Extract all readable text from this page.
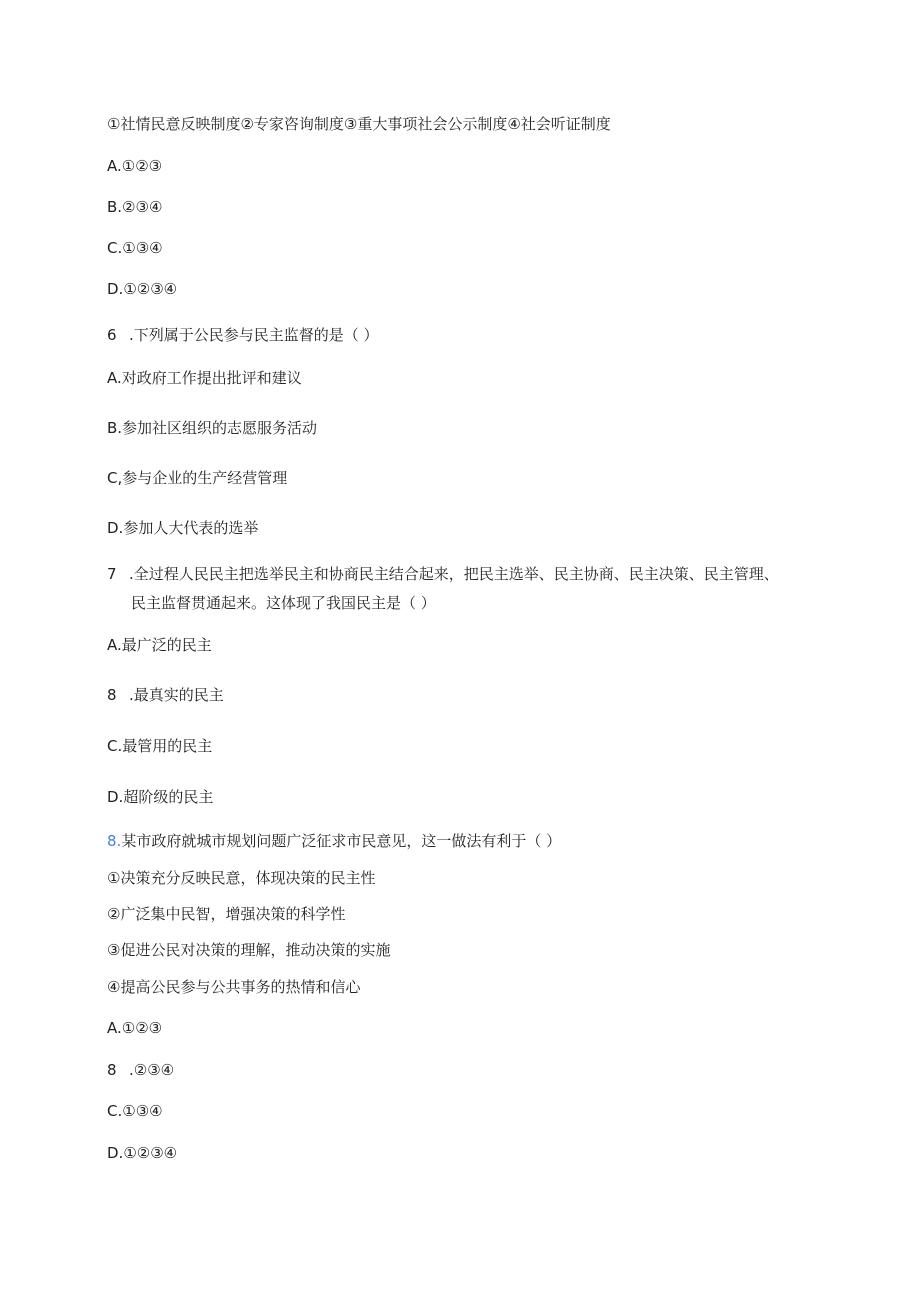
①社情民意反映制度②专家咨询制度③重大事项社会公示制度④社会听证制度
A.①②③
B.②③④
C.①③④
D.①②③④
6 .下列属于公民参与民主监督的是（ ）
A.对政府工作提出批评和建议
B.参加社区组织的志愿服务活动
C,参与企业的生产经营管理
D.参加人大代表的选举
7 .全过程人民民主把选举民主和协商民主结合起来，把民主选举、民主协商、民主决策、民主管理、
民主监督贯通起来。这体现了我国民主是（ ）
A.最广泛的民主
8 .最真实的民主
C.最管用的民主
D.超阶级的民主
8.某市政府就城市规划问题广泛征求市民意见，这一做法有利于（ ）
①决策充分反映民意，体现决策的民主性
②广泛集中民智，增强决策的科学性
③促进公民对决策的理解，推动决策的实施
④提高公民参与公共事务的热情和信心
A.①②③
8 .②③④
C.①③④
D.①②③④
